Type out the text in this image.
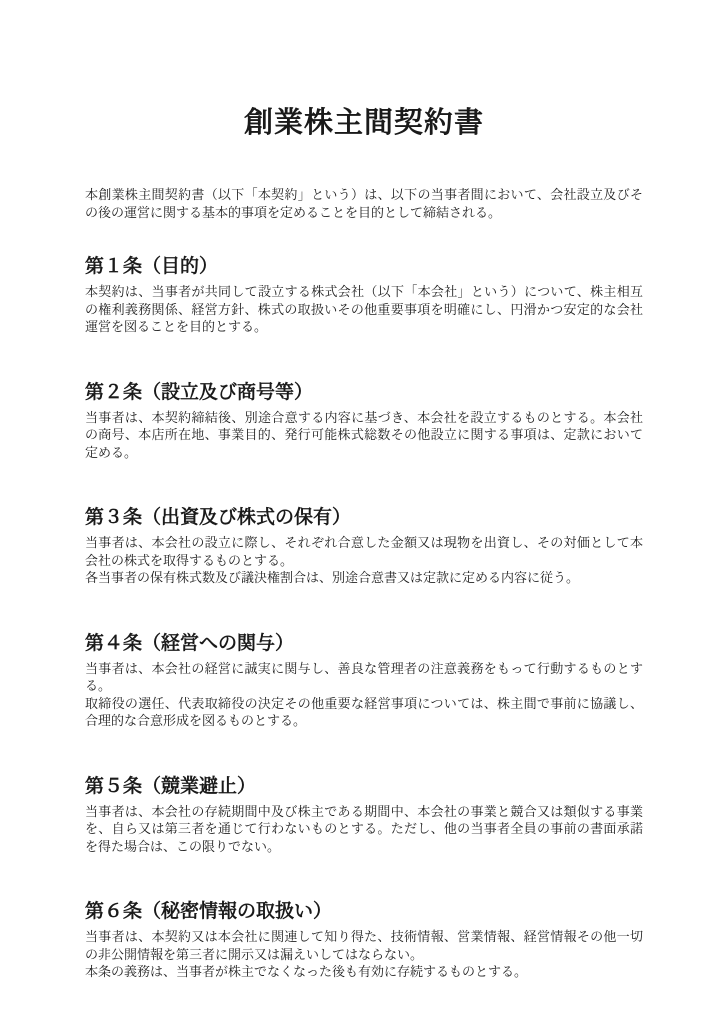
創業株主間契約書

本創業株主間契約書（以下「本契約」という）は、以下の当事者間において、会社設立及びその後の運営に関する基本的事項を定めることを目的として締結される。

第１条（目的）

本契約は、当事者が共同して設立する株式会社（以下「本会社」という）について、株主相互の権利義務関係、経営方針、株式の取扱いその他重要事項を明確にし、円滑かつ安定的な会社運営を図ることを目的とする。

第２条（設立及び商号等）

当事者は、本契約締結後、別途合意する内容に基づき、本会社を設立するものとする。本会社の商号、本店所在地、事業目的、発行可能株式総数その他設立に関する事項は、定款において定める。

第３条（出資及び株式の保有）

当事者は、本会社の設立に際し、それぞれ合意した金額又は現物を出資し、その対価として本会社の株式を取得するものとする。

各当事者の保有株式数及び議決権割合は、別途合意書又は定款に定める内容に従う。

第４条（経営への関与）

当事者は、本会社の経営に誠実に関与し、善良な管理者の注意義務をもって行動するものとする。

取締役の選任、代表取締役の決定その他重要な経営事項については、株主間で事前に協議し、合理的な合意形成を図るものとする。

第５条（競業避止）

当事者は、本会社の存続期間中及び株主である期間中、本会社の事業と競合又は類似する事業を、自ら又は第三者を通じて行わないものとする。ただし、他の当事者全員の事前の書面承諾を得た場合は、この限りでない。

第６条（秘密情報の取扱い）

当事者は、本契約又は本会社に関連して知り得た、技術情報、営業情報、経営情報その他一切の非公開情報を第三者に開示又は漏えいしてはならない。

本条の義務は、当事者が株主でなくなった後も有効に存続するものとする。
